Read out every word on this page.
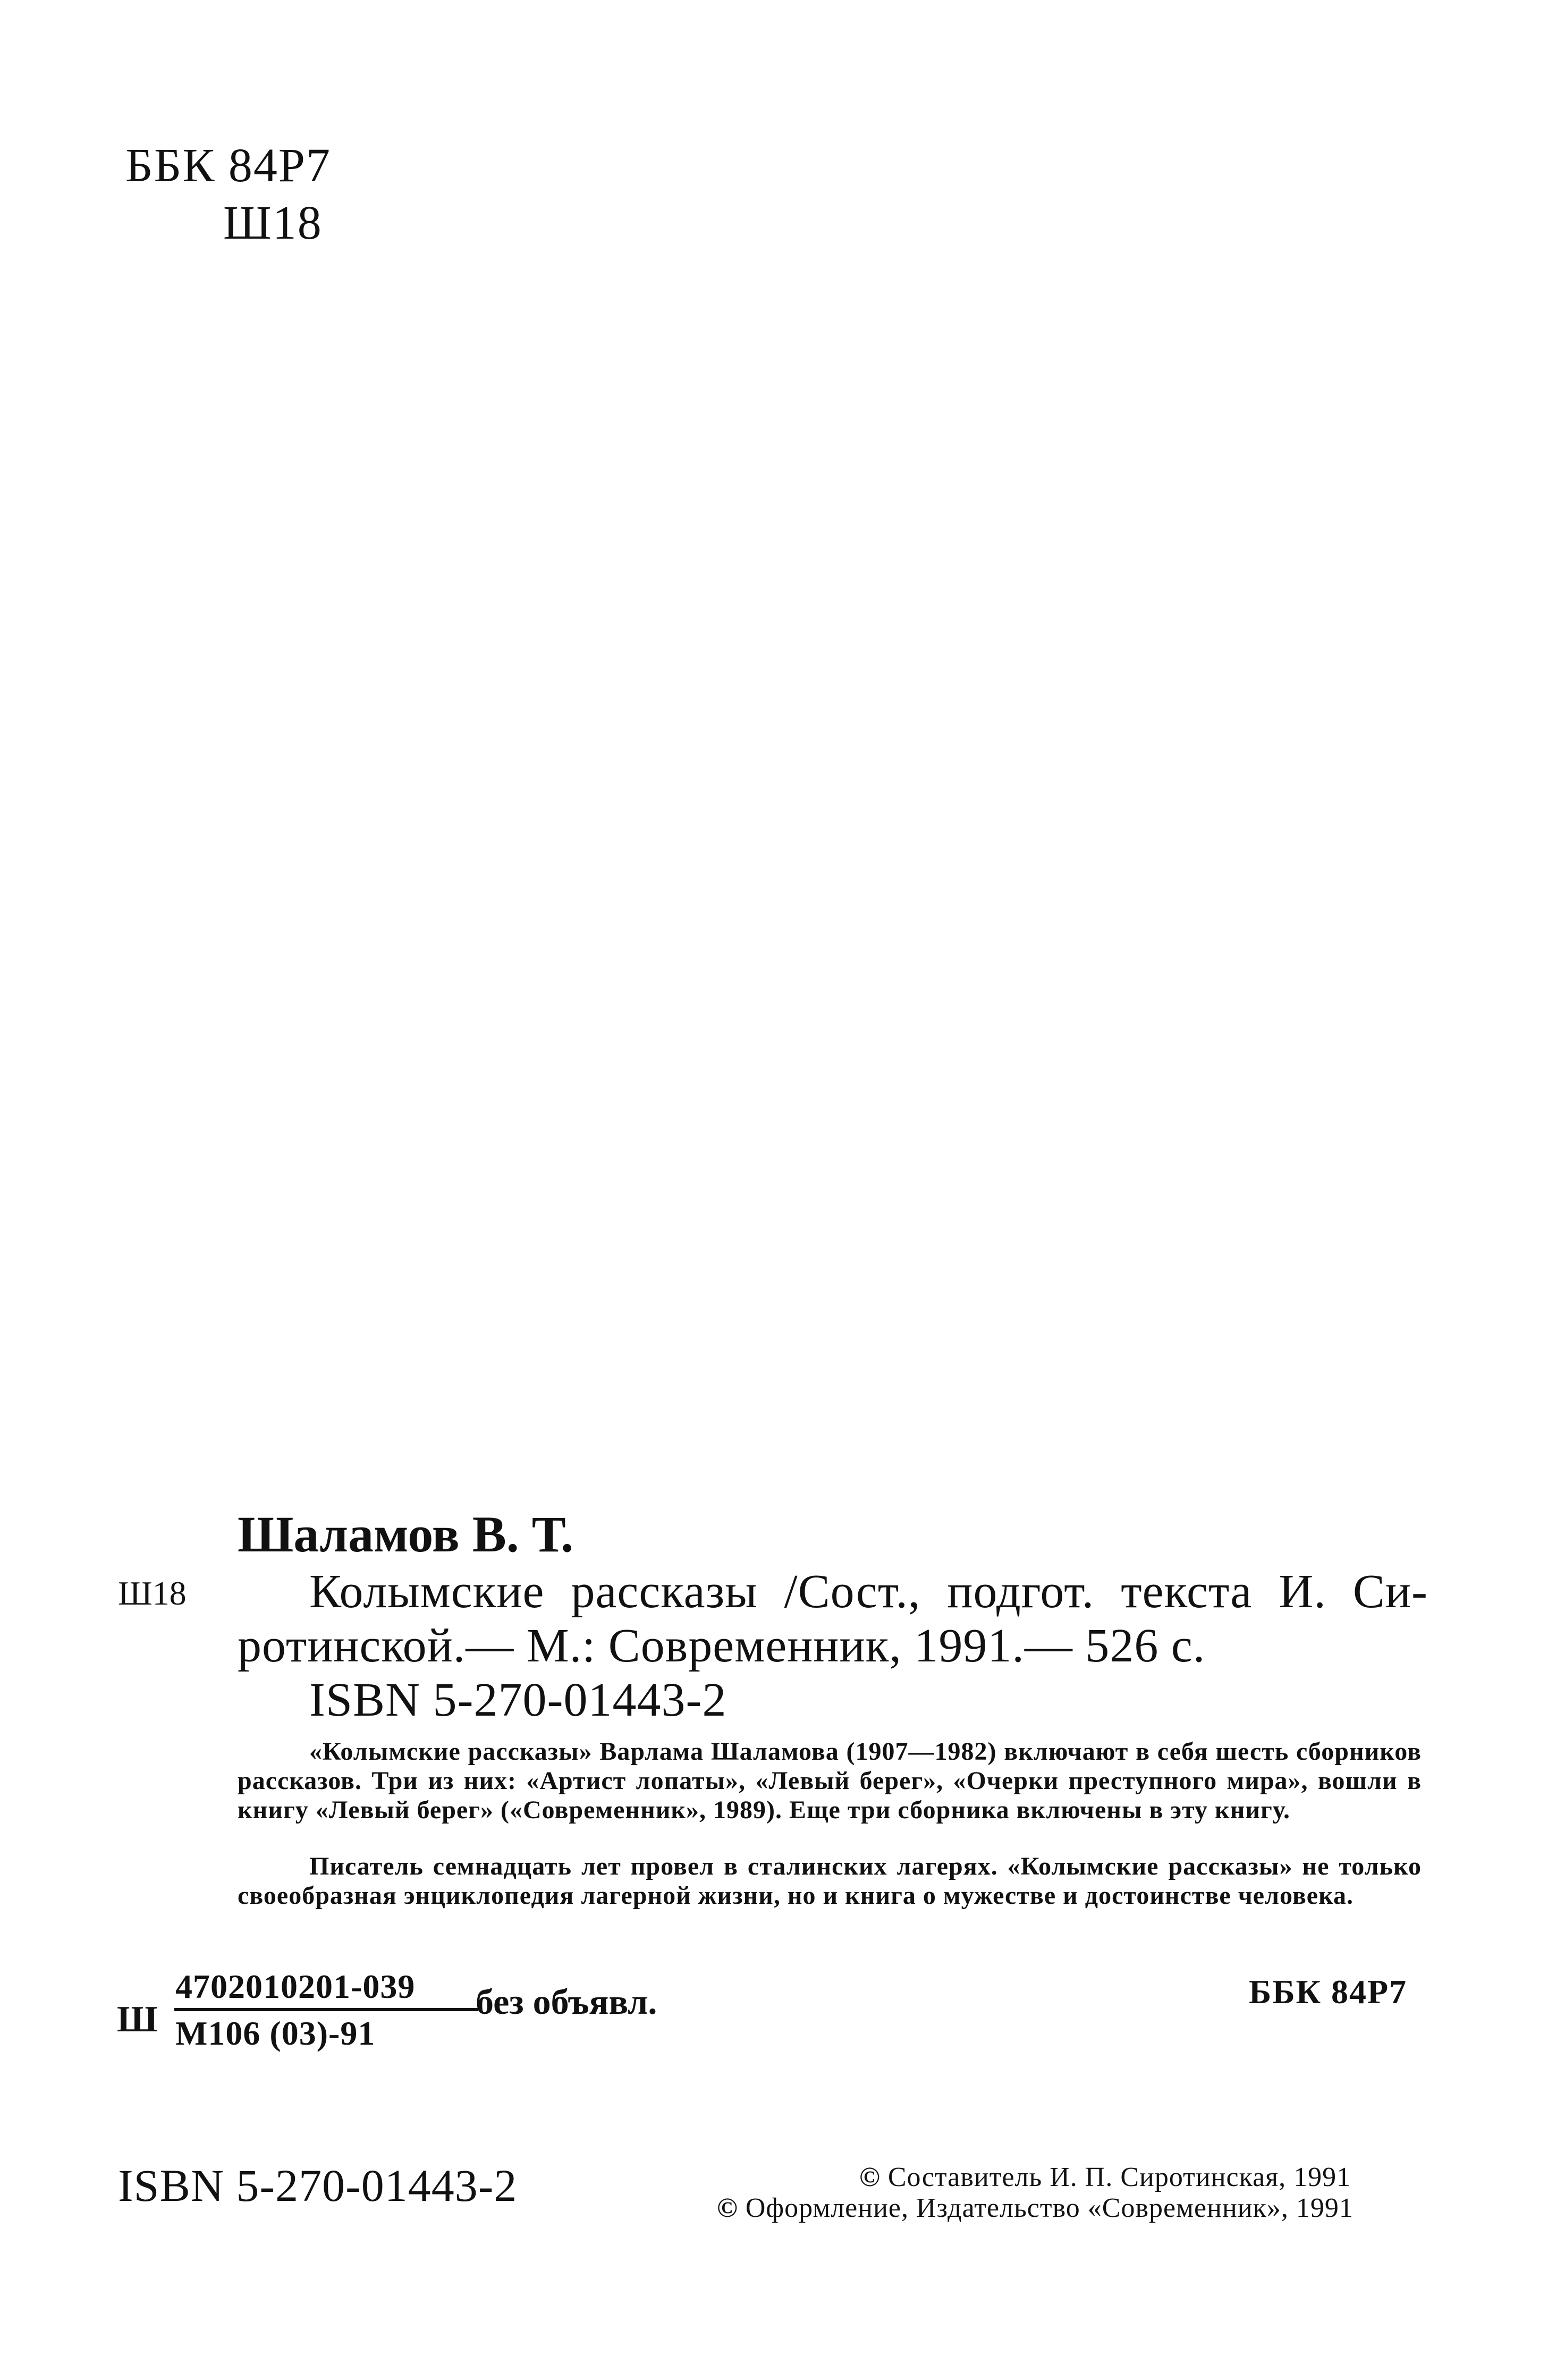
ББК 84Р7
Ш18
Шаламов В. Т.
Ш18	Колымские рассказы /Сост., подгот. текста И. Си-
ротинской.— М.: Современник, 1991.— 526 с.
ISBN 5-270-01443-2

«Колымские рассказы» Варлама Шаламова (1907—1982) включают в себя шесть сборников рассказов. Три из них: «Артист лопаты», «Левый берег», «Очерки преступного мира», вошли в книгу «Левый берег» («Современник», 1989). Еще три сборника включены в эту книгу.

Писатель семнадцать лет провел в сталинских лагерях. «Колымские рассказы» не только своеобразная энциклопедия лагерной жизни, но и книга о мужестве и достоинстве человека.

Ш
4702010201-039
М106 (03)-91
без объявл.	ББК 84Р7
ISBN 5-270-01443-2	© Составитель И. П. Сиротинская, 1991
© Оформление, Издательство «Современник», 1991
